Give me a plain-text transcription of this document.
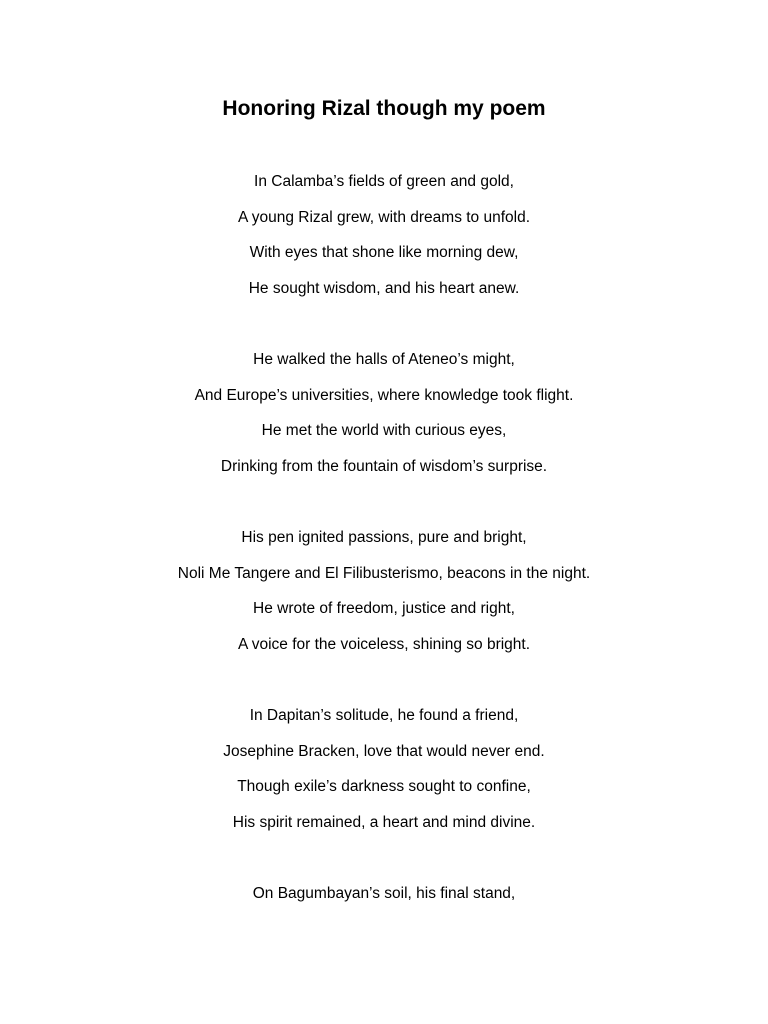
Honoring Rizal though my poem
In Calamba’s fields of green and gold,
A young Rizal grew, with dreams to unfold.
With eyes that shone like morning dew,
He sought wisdom, and his heart anew.
He walked the halls of Ateneo’s might,
And Europe’s universities, where knowledge took flight.
He met the world with curious eyes,
Drinking from the fountain of wisdom’s surprise.
His pen ignited passions, pure and bright,
Noli Me Tangere and El Filibusterismo, beacons in the night.
He wrote of freedom, justice and right,
A voice for the voiceless, shining so bright.
In Dapitan’s solitude, he found a friend,
Josephine Bracken, love that would never end.
Though exile’s darkness sought to confine,
His spirit remained, a heart and mind divine.
On Bagumbayan’s soil, his final stand,
